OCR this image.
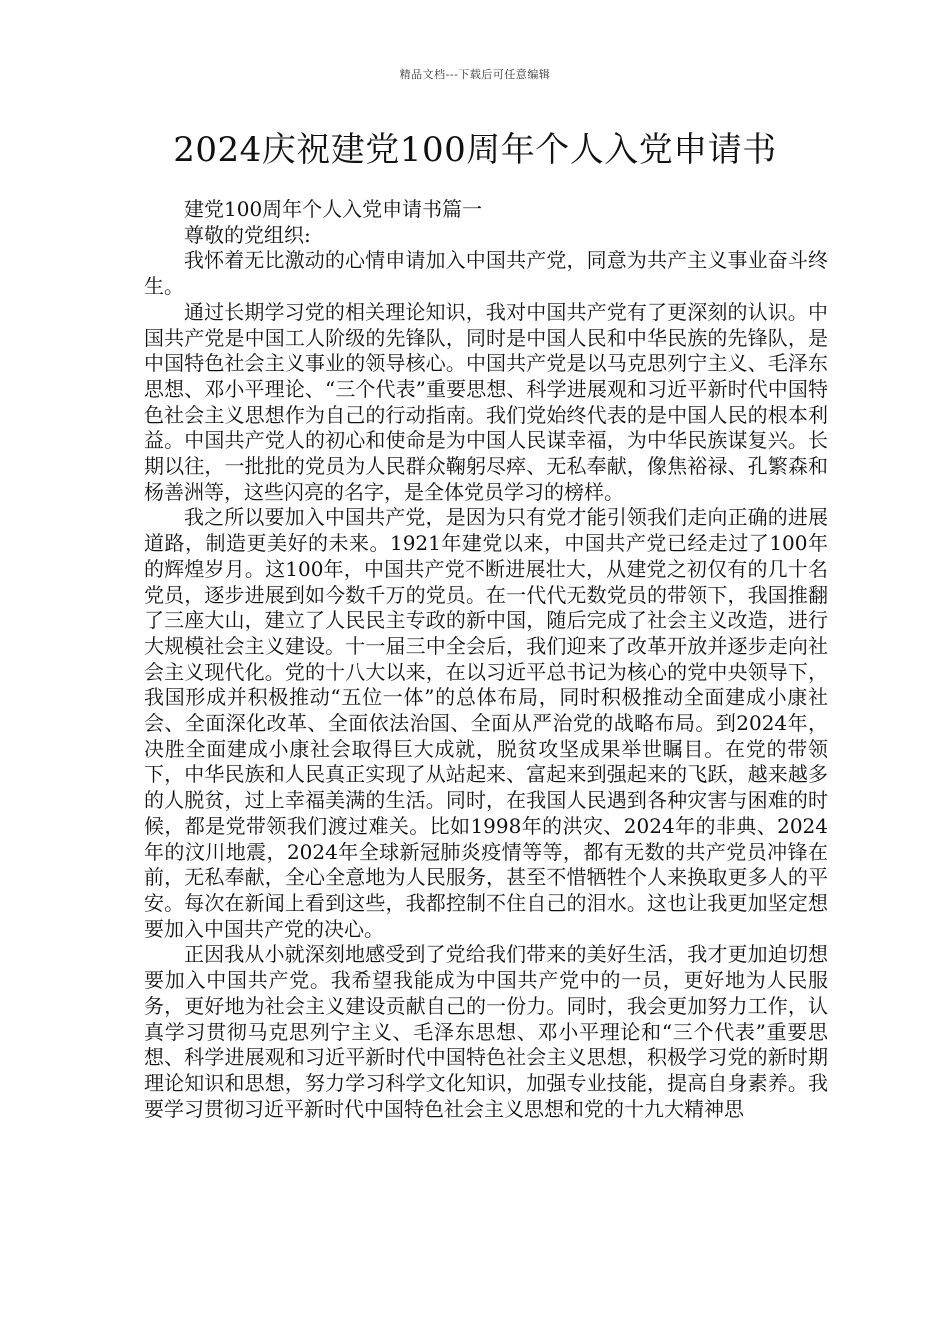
精品文档---下载后可任意编辑
2024庆祝建党100周年个人入党申请书

建党100周年个人入党申请书篇一

尊敬的党组织:

我怀着无比激动的心情申请加入中国共产党，同意为共产主义事业奋斗终生。

通过长期学习党的相关理论知识，我对中国共产党有了更深刻的认识。中国共产党是中国工人阶级的先锋队，同时是中国人民和中华民族的先锋队，是中国特色社会主义事业的领导核心。中国共产党是以马克思列宁主义、毛泽东思想、邓小平理论、“三个代表”重要思想、科学进展观和习近平新时代中国特色社会主义思想作为自己的行动指南。我们党始终代表的是中国人民的根本利益。中国共产党人的初心和使命是为中国人民谋幸福，为中华民族谋复兴。长期以往，一批批的党员为人民群众鞠躬尽瘁、无私奉献，像焦裕禄、孔繁森和杨善洲等，这些闪亮的名字，是全体党员学习的榜样。

我之所以要加入中国共产党，是因为只有党才能引领我们走向正确的进展道路，制造更美好的未来。1921年建党以来，中国共产党已经走过了100年的辉煌岁月。这100年，中国共产党不断进展壮大，从建党之初仅有的几十名党员，逐步进展到如今数千万的党员。在一代代无数党员的带领下，我国推翻了三座大山，建立了人民民主专政的新中国，随后完成了社会主义改造，进行大规模社会主义建设。十一届三中全会后，我们迎来了改革开放并逐步走向社会主义现代化。党的十八大以来，在以习近平总书记为核心的党中央领导下，我国形成并积极推动“五位一体”的总体布局，同时积极推动全面建成小康社会、全面深化改革、全面依法治国、全面从严治党的战略布局。到2024年，决胜全面建成小康社会取得巨大成就，脱贫攻坚成果举世瞩目。在党的带领下，中华民族和人民真正实现了从站起来、富起来到强起来的飞跃，越来越多的人脱贫，过上幸福美满的生活。同时，在我国人民遇到各种灾害与困难的时候，都是党带领我们渡过难关。比如1998年的洪灾、2024年的非典、2024年的汶川地震，2024年全球新冠肺炎疫情等等，都有无数的共产党员冲锋在前，无私奉献，全心全意地为人民服务，甚至不惜牺牲个人来换取更多人的平安。每次在新闻上看到这些，我都控制不住自己的泪水。这也让我更加坚定想要加入中国共产党的决心。

正因我从小就深刻地感受到了党给我们带来的美好生活，我才更加迫切想要加入中国共产党。我希望我能成为中国共产党中的一员，更好地为人民服务，更好地为社会主义建设贡献自己的一份力。同时，我会更加努力工作，认真学习贯彻马克思列宁主义、毛泽东思想、邓小平理论和“三个代表”重要思想、科学进展观和习近平新时代中国特色社会主义思想，积极学习党的新时期理论知识和思想，努力学习科学文化知识，加强专业技能，提高自身素养。我要学习贯彻习近平新时代中国特色社会主义思想和党的十九大精神思
